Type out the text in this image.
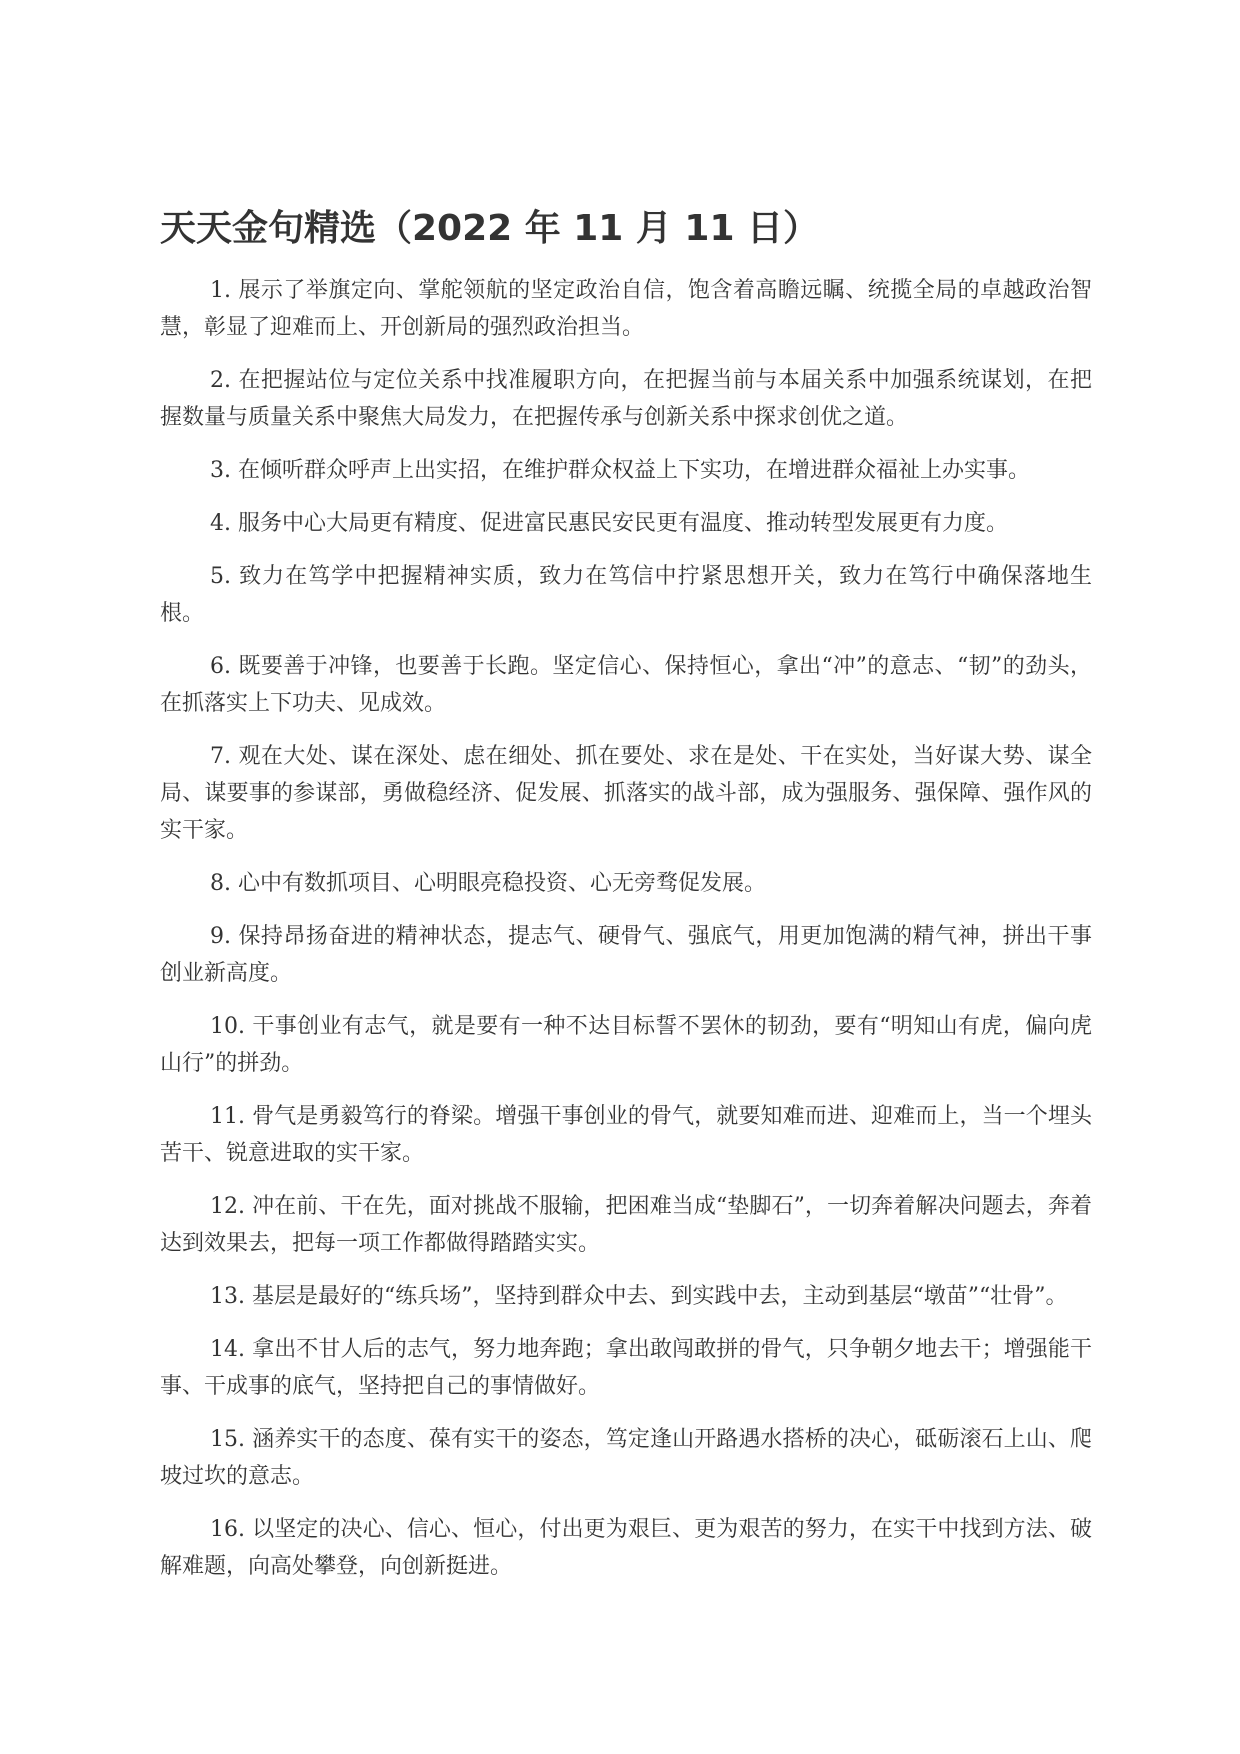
天天金句精选（2022 年 11 月 11 日）

1. 展示了举旗定向、掌舵领航的坚定政治自信，饱含着高瞻远瞩、统揽全局的卓越政治智慧，彰显了迎难而上、开创新局的强烈政治担当。

2. 在把握站位与定位关系中找准履职方向，在把握当前与本届关系中加强系统谋划，在把握数量与质量关系中聚焦大局发力，在把握传承与创新关系中探求创优之道。

3. 在倾听群众呼声上出实招，在维护群众权益上下实功，在增进群众福祉上办实事。

4. 服务中心大局更有精度、促进富民惠民安民更有温度、推动转型发展更有力度。

5. 致力在笃学中把握精神实质，致力在笃信中拧紧思想开关，致力在笃行中确保落地生根。

6. 既要善于冲锋，也要善于长跑。坚定信心、保持恒心，拿出“冲”的意志、“韧”的劲头，在抓落实上下功夫、见成效。

7. 观在大处、谋在深处、虑在细处、抓在要处、求在是处、干在实处，当好谋大势、谋全局、谋要事的参谋部，勇做稳经济、促发展、抓落实的战斗部，成为强服务、强保障、强作风的实干家。

8. 心中有数抓项目、心明眼亮稳投资、心无旁骛促发展。

9. 保持昂扬奋进的精神状态，提志气、硬骨气、强底气，用更加饱满的精气神，拼出干事创业新高度。

10. 干事创业有志气，就是要有一种不达目标誓不罢休的韧劲，要有“明知山有虎，偏向虎山行”的拼劲。

11. 骨气是勇毅笃行的脊梁。增强干事创业的骨气，就要知难而进、迎难而上，当一个埋头苦干、锐意进取的实干家。

12. 冲在前、干在先，面对挑战不服输，把困难当成“垫脚石”，一切奔着解决问题去，奔着达到效果去，把每一项工作都做得踏踏实实。

13. 基层是最好的“练兵场”，坚持到群众中去、到实践中去，主动到基层“墩苗”“壮骨”。

14. 拿出不甘人后的志气，努力地奔跑；拿出敢闯敢拼的骨气，只争朝夕地去干；增强能干事、干成事的底气，坚持把自己的事情做好。

15. 涵养实干的态度、葆有实干的姿态，笃定逢山开路遇水搭桥的决心，砥砺滚石上山、爬坡过坎的意志。

16. 以坚定的决心、信心、恒心，付出更为艰巨、更为艰苦的努力，在实干中找到方法、破解难题，向高处攀登，向创新挺进。
